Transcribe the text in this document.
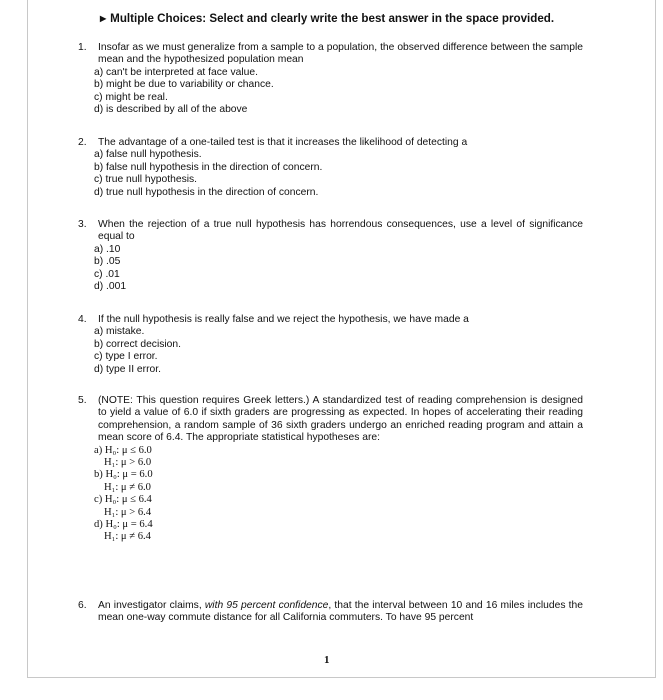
▶ Multiple Choices: Select and clearly write the best answer in the space provided.
1. Insofar as we must generalize from a sample to a population, the observed difference between the sample mean and the hypothesized population mean
a) can't be interpreted at face value.
b) might be due to variability or chance.
c) might be real.
d) is described by all of the above
2. The advantage of a one-tailed test is that it increases the likelihood of detecting a
a) false null hypothesis.
b) false null hypothesis in the direction of concern.
c) true null hypothesis.
d) true null hypothesis in the direction of concern.
3. When the rejection of a true null hypothesis has horrendous consequences, use a level of significance equal to
a) .10
b) .05
c) .01
d) .001
4. If the null hypothesis is really false and we reject the hypothesis, we have made a
a) mistake.
b) correct decision.
c) type I error.
d) type II error.
5. (NOTE: This question requires Greek letters.) A standardized test of reading comprehension is designed to yield a value of 6.0 if sixth graders are progressing as expected. In hopes of accelerating their reading comprehension, a random sample of 36 sixth graders undergo an enriched reading program and attain a mean score of 6.4. The appropriate statistical hypotheses are:
a) H₀: μ ≤ 6.0
H₁: μ > 6.0
b) H₀: μ = 6.0
H₁: μ ≠ 6.0
c) H₀: μ ≤ 6.4
H₁: μ > 6.4
d) H₀: μ = 6.4
H₁: μ ≠ 6.4
6. An investigator claims, with 95 percent confidence, that the interval between 10 and 16 miles includes the mean one-way commute distance for all California commuters. To have 95 percent
1
